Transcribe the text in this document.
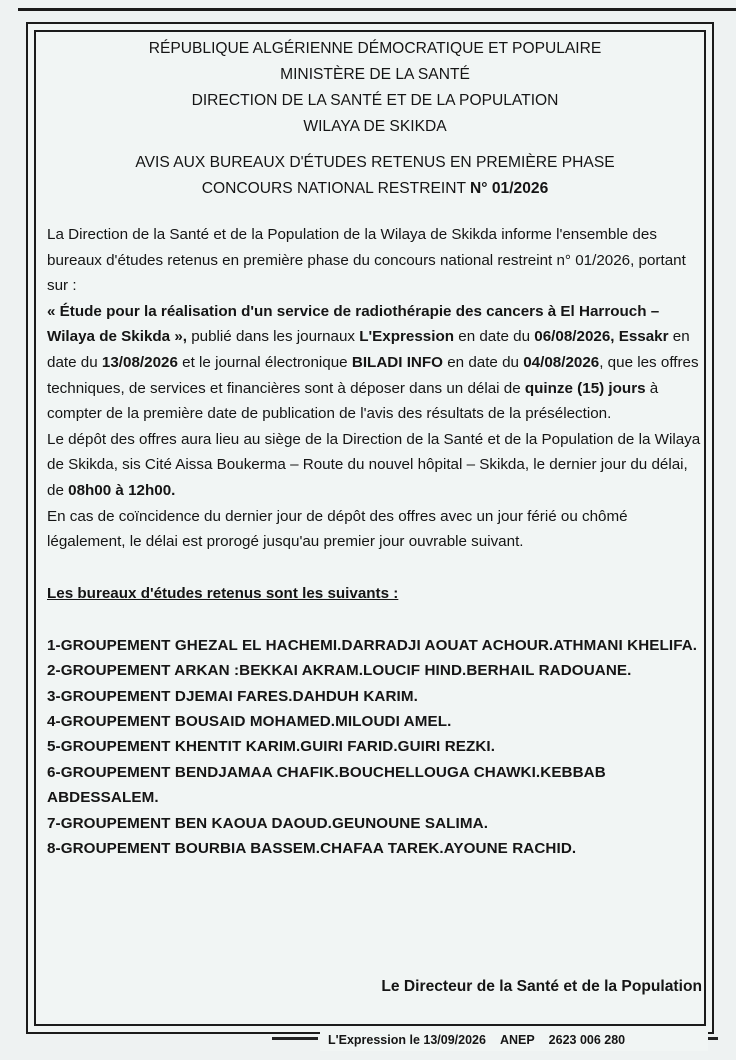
RÉPUBLIQUE ALGÉRIENNE DÉMOCRATIQUE ET POPULAIRE
MINISTÈRE DE LA SANTÉ
DIRECTION DE LA SANTÉ ET DE LA POPULATION
WILAYA DE SKIKDA
AVIS AUX BUREAUX D'ÉTUDES RETENUS EN PREMIÈRE PHASE
CONCOURS NATIONAL RESTREINT N° 01/2026
La Direction de la Santé et de la Population de la Wilaya de Skikda informe l'ensemble des bureaux d'études retenus en première phase du concours national restreint n° 01/2026, portant sur :
« Étude pour la réalisation d'un service de radiothérapie des cancers à El Harrouch – Wilaya de Skikda », publié dans les journaux L'Expression en date du 06/08/2026, Essakr en date du 13/08/2026 et le journal électronique BILADI INFO en date du 04/08/2026, que les offres techniques, de services et financières sont à déposer dans un délai de quinze (15) jours à compter de la première date de publication de l'avis des résultats de la présélection.
Le dépôt des offres aura lieu au siège de la Direction de la Santé et de la Population de la Wilaya de Skikda, sis Cité Aissa Boukerma – Route du nouvel hôpital – Skikda, le dernier jour du délai, de 08h00 à 12h00.
En cas de coïncidence du dernier jour de dépôt des offres avec un jour férié ou chômé légalement, le délai est prorogé jusqu'au premier jour ouvrable suivant.
Les bureaux d'études retenus sont les suivants :
1-GROUPEMENT GHEZAL EL HACHEMI.DARRADJI AOUAT ACHOUR.ATHMANI KHELIFA.
2-GROUPEMENT ARKAN :BEKKAI AKRAM.LOUCIF HIND.BERHAIL RADOUANE.
3-GROUPEMENT DJEMAI FARES.DAHDUH KARIM.
4-GROUPEMENT BOUSAID MOHAMED.MILOUDI AMEL.
5-GROUPEMENT KHENTIT KARIM.GUIRI FARID.GUIRI REZKI.
6-GROUPEMENT BENDJAMAA CHAFIK.BOUCHELLOUGA CHAWKI.KEBBAB ABDESSALEM.
7-GROUPEMENT BEN KAOUA DAOUD.GEUNOUNE SALIMA.
8-GROUPEMENT BOURBIA BASSEM.CHAFAA TAREK.AYOUNE RACHID.
Le Directeur de la Santé et de la Population
L'Expression le 13/09/2026 ANEP 2623 006 280
